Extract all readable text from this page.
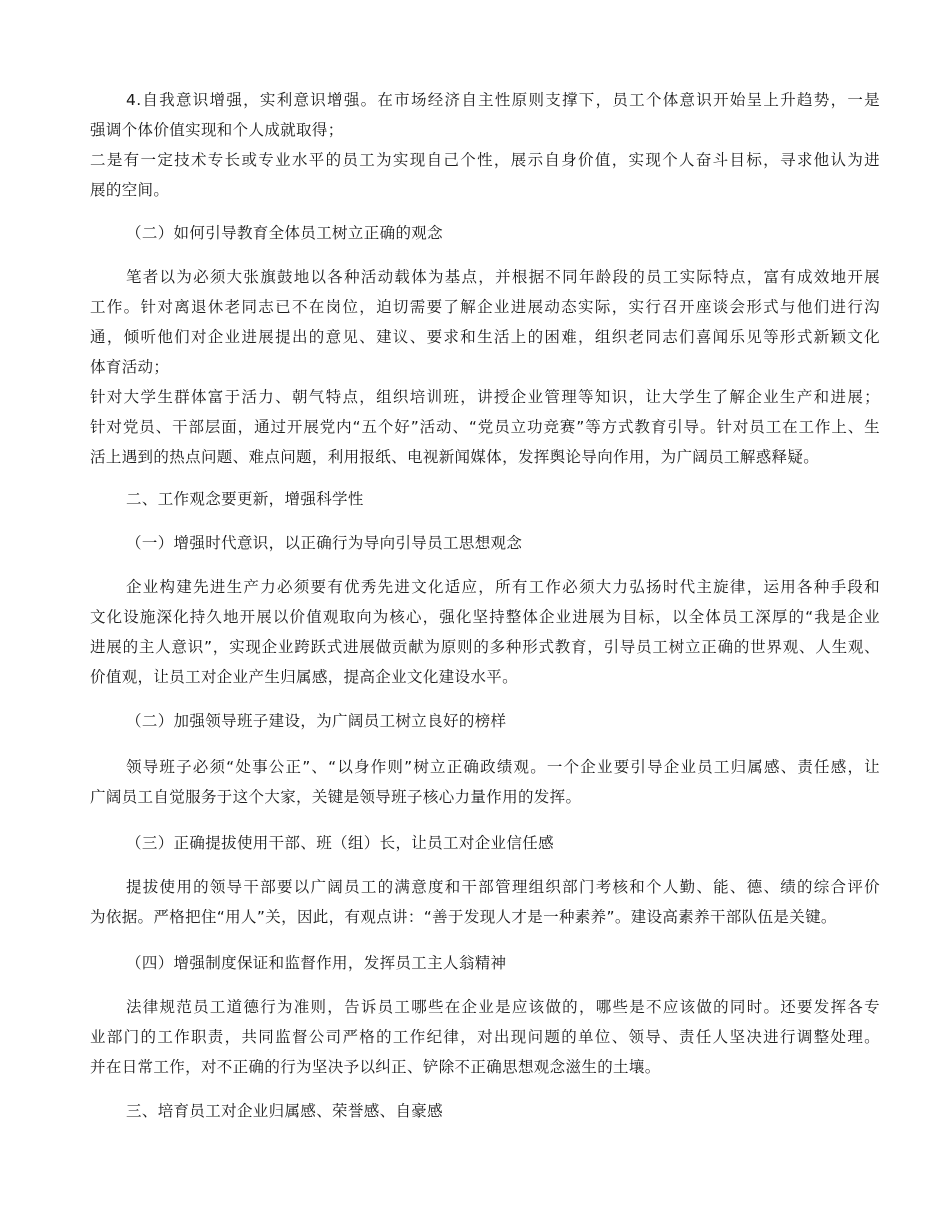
4.自我意识增强，实利意识增强。在市场经济自主性原则支撑下，员工个体意识开始呈上升趋势，一是
强调个体价值实现和个人成就取得；
二是有一定技术专长或专业水平的员工为实现自己个性，展示自身价值，实现个人奋斗目标，寻求他认为进
展的空间。
（二）如何引导教育全体员工树立正确的观念
笔者以为必须大张旗鼓地以各种活动载体为基点，并根据不同年龄段的员工实际特点，富有成效地开展
工作。针对离退休老同志已不在岗位，迫切需要了解企业进展动态实际，实行召开座谈会形式与他们进行沟
通，倾听他们对企业进展提出的意见、建议、要求和生活上的困难，组织老同志们喜闻乐见等形式新颖文化
体育活动；
针对大学生群体富于活力、朝气特点，组织培训班，讲授企业管理等知识，让大学生了解企业生产和进展；
针对党员、干部层面，通过开展党内“五个好”活动、“党员立功竞赛”等方式教育引导。针对员工在工作上、生
活上遇到的热点问题、难点问题，利用报纸、电视新闻媒体，发挥舆论导向作用，为广阔员工解惑释疑。
二、工作观念要更新，增强科学性
（一）增强时代意识，以正确行为导向引导员工思想观念
企业构建先进生产力必须要有优秀先进文化适应，所有工作必须大力弘扬时代主旋律，运用各种手段和
文化设施深化持久地开展以价值观取向为核心，强化坚持整体企业进展为目标，以全体员工深厚的“我是企业
进展的主人意识”，实现企业跨跃式进展做贡献为原则的多种形式教育，引导员工树立正确的世界观、人生观、
价值观，让员工对企业产生归属感，提高企业文化建设水平。
（二）加强领导班子建设，为广阔员工树立良好的榜样
领导班子必须“处事公正”、“以身作则”树立正确政绩观。一个企业要引导企业员工归属感、责任感，让
广阔员工自觉服务于这个大家，关键是领导班子核心力量作用的发挥。
（三）正确提拔使用干部、班（组）长，让员工对企业信任感
提拔使用的领导干部要以广阔员工的满意度和干部管理组织部门考核和个人勤、能、德、绩的综合评价
为依据。严格把住“用人”关，因此，有观点讲：“善于发现人才是一种素养”。建设高素养干部队伍是关键。
（四）增强制度保证和监督作用，发挥员工主人翁精神
法律规范员工道德行为准则，告诉员工哪些在企业是应该做的，哪些是不应该做的同时。还要发挥各专
业部门的工作职责，共同监督公司严格的工作纪律，对出现问题的单位、领导、责任人坚决进行调整处理。
并在日常工作，对不正确的行为坚决予以纠正、铲除不正确思想观念滋生的土壤。
三、培育员工对企业归属感、荣誉感、自豪感
